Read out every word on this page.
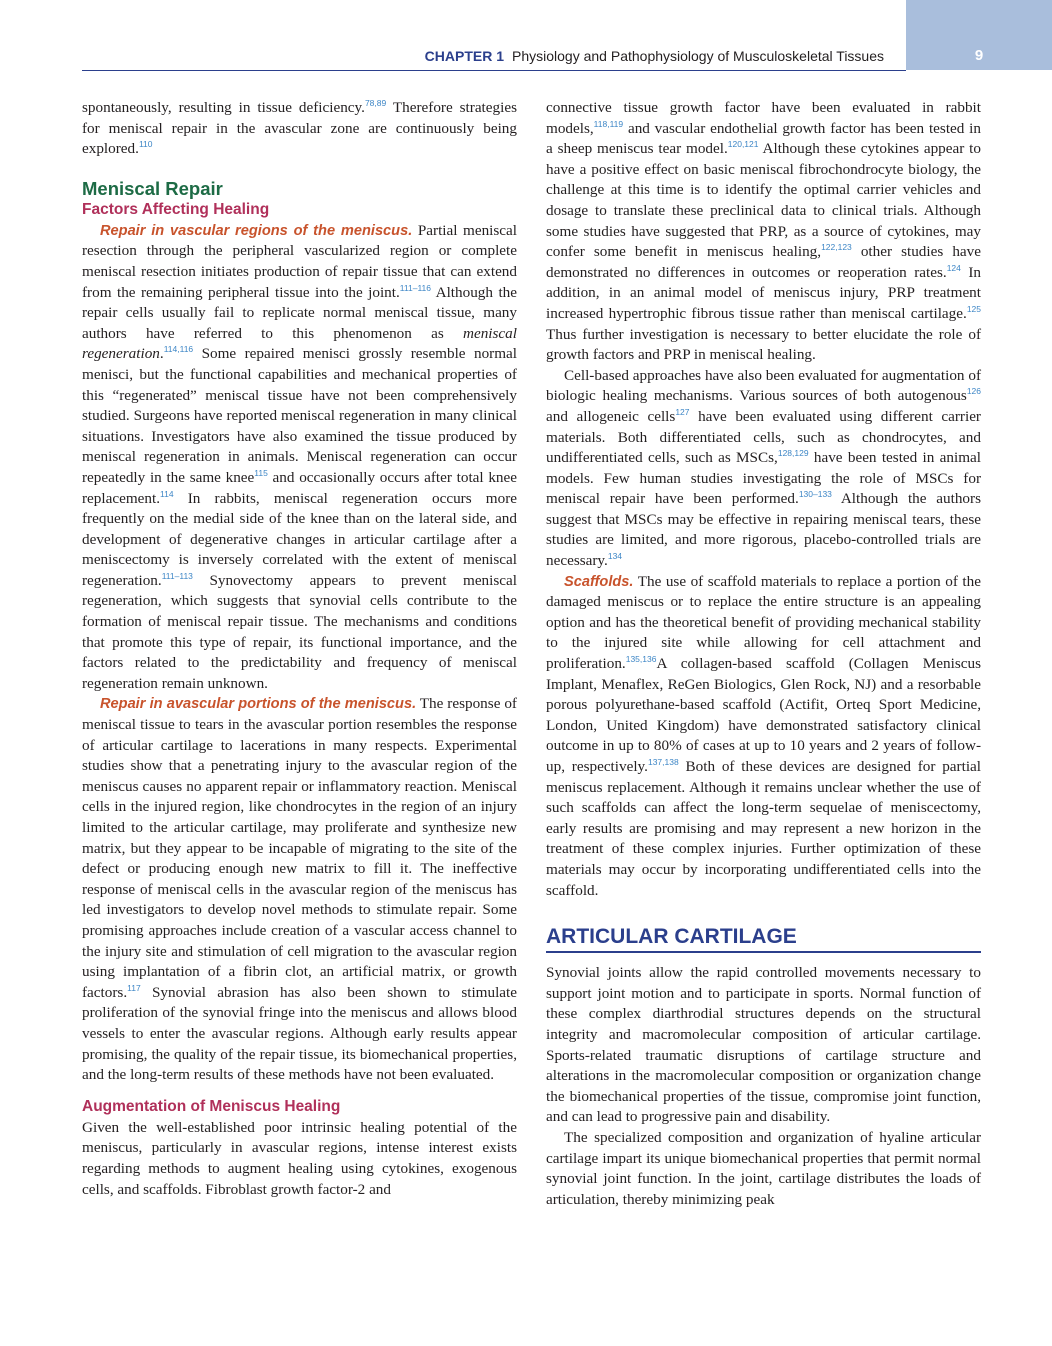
CHAPTER 1 Physiology and Pathophysiology of Musculoskeletal Tissues	9

spontaneously, resulting in tissue deficiency.$^{78,89}$ Therefore strategies for meniscal repair in the avascular zone are continuously being explored.$^{110}$

Meniscal Repair
Factors Affecting Healing

Repair in vascular regions of the meniscus. Partial meniscal resection through the peripheral vascularized region or complete meniscal resection initiates production of repair tissue that can extend from the remaining peripheral tissue into the joint.$^{111-116}$ Although the repair cells usually fail to replicate normal meniscal tissue, many authors have referred to this phenomenon as meniscal regeneration.$^{114,116}$ Some repaired menisci grossly resemble normal menisci, but the functional capabilities and mechanical properties of this “regenerated” meniscal tissue have not been comprehensively studied. Surgeons have reported meniscal regeneration in many clinical situations. Investigators have also examined the tissue produced by meniscal regeneration in animals. Meniscal regeneration can occur repeatedly in the same knee$^{115}$ and occasionally occurs after total knee replacement.$^{114}$ In rabbits, meniscal regeneration occurs more frequently on the medial side of the knee than on the lateral side, and development of degenerative changes in articular cartilage after a meniscectomy is inversely correlated with the extent of meniscal regeneration.$^{111-113}$ Synovectomy appears to prevent meniscal regeneration, which suggests that synovial cells contribute to the formation of meniscal repair tissue. The mechanisms and conditions that promote this type of repair, its functional importance, and the factors related to the predictability and frequency of meniscal regeneration remain unknown.

Repair in avascular portions of the meniscus. The response of meniscal tissue to tears in the avascular portion resembles the response of articular cartilage to lacerations in many respects. Experimental studies show that a penetrating injury to the avascular region of the meniscus causes no apparent repair or inflammatory reaction. Meniscal cells in the injured region, like chondrocytes in the region of an injury limited to the articular cartilage, may proliferate and synthesize new matrix, but they appear to be incapable of migrating to the site of the defect or producing enough new matrix to fill it. The ineffective response of meniscal cells in the avascular region of the meniscus has led investigators to develop novel methods to stimulate repair. Some promising approaches include creation of a vascular access channel to the injury site and stimulation of cell migration to the avascular region using implantation of a fibrin clot, an artificial matrix, or growth factors.$^{117}$ Synovial abrasion has also been shown to stimulate proliferation of the synovial fringe into the meniscus and allows blood vessels to enter the avascular regions. Although early results appear promising, the quality of the repair tissue, its biomechanical properties, and the long-term results of these methods have not been evaluated.

Augmentation of Meniscus Healing

Given the well-established poor intrinsic healing potential of the meniscus, particularly in avascular regions, intense interest exists regarding methods to augment healing using cytokines, exogenous cells, and scaffolds. Fibroblast growth factor-2 and

connective tissue growth factor have been evaluated in rabbit models,$^{118,119}$ and vascular endothelial growth factor has been tested in a sheep meniscus tear model.$^{120,121}$ Although these cytokines appear to have a positive effect on basic meniscal fibrochondrocyte biology, the challenge at this time is to identify the optimal carrier vehicles and dosage to translate these preclinical data to clinical trials. Although some studies have suggested that PRP, as a source of cytokines, may confer some benefit in meniscus healing,$^{122,123}$ other studies have demonstrated no differences in outcomes or reoperation rates.$^{124}$ In addition, in an animal model of meniscus injury, PRP treatment increased hypertrophic fibrous tissue rather than meniscal cartilage.$^{125}$ Thus further investigation is necessary to better elucidate the role of growth factors and PRP in meniscal healing.

Cell-based approaches have also been evaluated for augmentation of biologic healing mechanisms. Various sources of both autogenous$^{126}$ and allogeneic cells$^{127}$ have been evaluated using different carrier materials. Both differentiated cells, such as chondrocytes, and undifferentiated cells, such as MSCs,$^{128,129}$ have been tested in animal models. Few human studies investigating the role of MSCs for meniscal repair have been performed.$^{130-133}$ Although the authors suggest that MSCs may be effective in repairing meniscal tears, these studies are limited, and more rigorous, placebo-controlled trials are necessary.$^{134}$

Scaffolds. The use of scaffold materials to replace a portion of the damaged meniscus or to replace the entire structure is an appealing option and has the theoretical benefit of providing mechanical stability to the injured site while allowing for cell attachment and proliferation.$^{135,136}$A collagen-based scaffold (Collagen Meniscus Implant, Menaflex, ReGen Biologics, Glen Rock, NJ) and a resorbable porous polyurethane-based scaffold (Actifit, Orteq Sport Medicine, London, United Kingdom) have demonstrated satisfactory clinical outcome in up to 80% of cases at up to 10 years and 2 years of follow-up, respectively.$^{137,138}$ Both of these devices are designed for partial meniscus replacement. Although it remains unclear whether the use of such scaffolds can affect the long-term sequelae of meniscectomy, early results are promising and may represent a new horizon in the treatment of these complex injuries. Further optimization of these materials may occur by incorporating undifferentiated cells into the scaffold.

ARTICULAR CARTILAGE

Synovial joints allow the rapid controlled movements necessary to support joint motion and to participate in sports. Normal function of these complex diarthrodial structures depends on the structural integrity and macromolecular composition of articular cartilage. Sports-related traumatic disruptions of cartilage structure and alterations in the macromolecular composition or organization change the biomechanical properties of the tissue, compromise joint function, and can lead to progressive pain and disability.

The specialized composition and organization of hyaline articular cartilage impart its unique biomechanical properties that permit normal synovial joint function. In the joint, cartilage distributes the loads of articulation, thereby minimizing peak
